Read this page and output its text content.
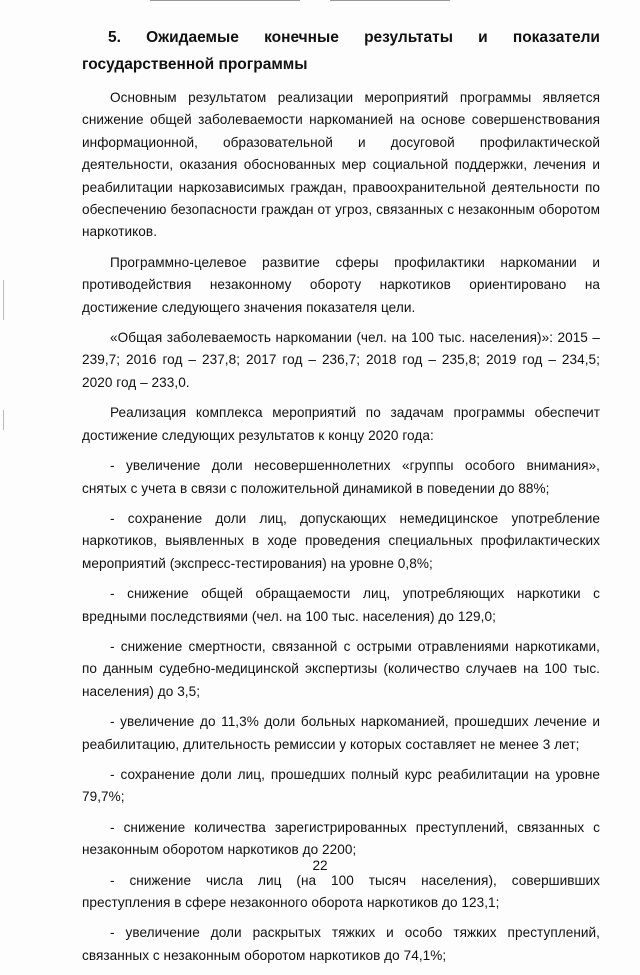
5. Ожидаемые конечные результаты и показатели
государственной программы

Основным результатом реализации мероприятий программы является снижение общей заболеваемости наркоманией на основе совершенствования информационной, образовательной и досуговой профилактической деятельности, оказания обоснованных мер социальной поддержки, лечения и реабилитации наркозависимых граждан, правоохранительной деятельности по обеспечению безопасности граждан от угроз, связанных с незаконным оборотом наркотиков.

Программно-целевое развитие сферы профилактики наркомании и противодействия незаконному обороту наркотиков ориентировано на достижение следующего значения показателя цели.

«Общая заболеваемость наркомании (чел. на 100 тыс. населения)»: 2015 – 239,7; 2016 год – 237,8; 2017 год – 236,7; 2018 год – 235,8; 2019 год – 234,5; 2020 год – 233,0.

Реализация комплекса мероприятий по задачам программы обеспечит достижение следующих результатов к концу 2020 года:

- увеличение доли несовершеннолетних «группы особого внимания», снятых с учета в связи с положительной динамикой в поведении до 88%;

- сохранение доли лиц, допускающих немедицинское употребление наркотиков, выявленных в ходе проведения специальных профилактических мероприятий (экспресс-тестирования) на уровне 0,8%;

- снижение общей обращаемости лиц, употребляющих наркотики с вредными последствиями (чел. на 100 тыс. населения) до 129,0;

- снижение смертности, связанной с острыми отравлениями наркотиками, по данным судебно-медицинской экспертизы (количество случаев на 100 тыс. населения) до 3,5;

- увеличение до 11,3% доли больных наркоманией, прошедших лечение и реабилитацию, длительность ремиссии у которых составляет не менее 3 лет;

- сохранение доли лиц, прошедших полный курс реабилитации на уровне 79,7%;

- снижение количества зарегистрированных преступлений, связанных с незаконным оборотом наркотиков до 2200;

- снижение числа лиц (на 100 тысяч населения), совершивших преступления в сфере незаконного оборота наркотиков до 123,1;

- увеличение доли раскрытых тяжких и особо тяжких преступлений, связанных с незаконным оборотом наркотиков до 74,1%;

22
